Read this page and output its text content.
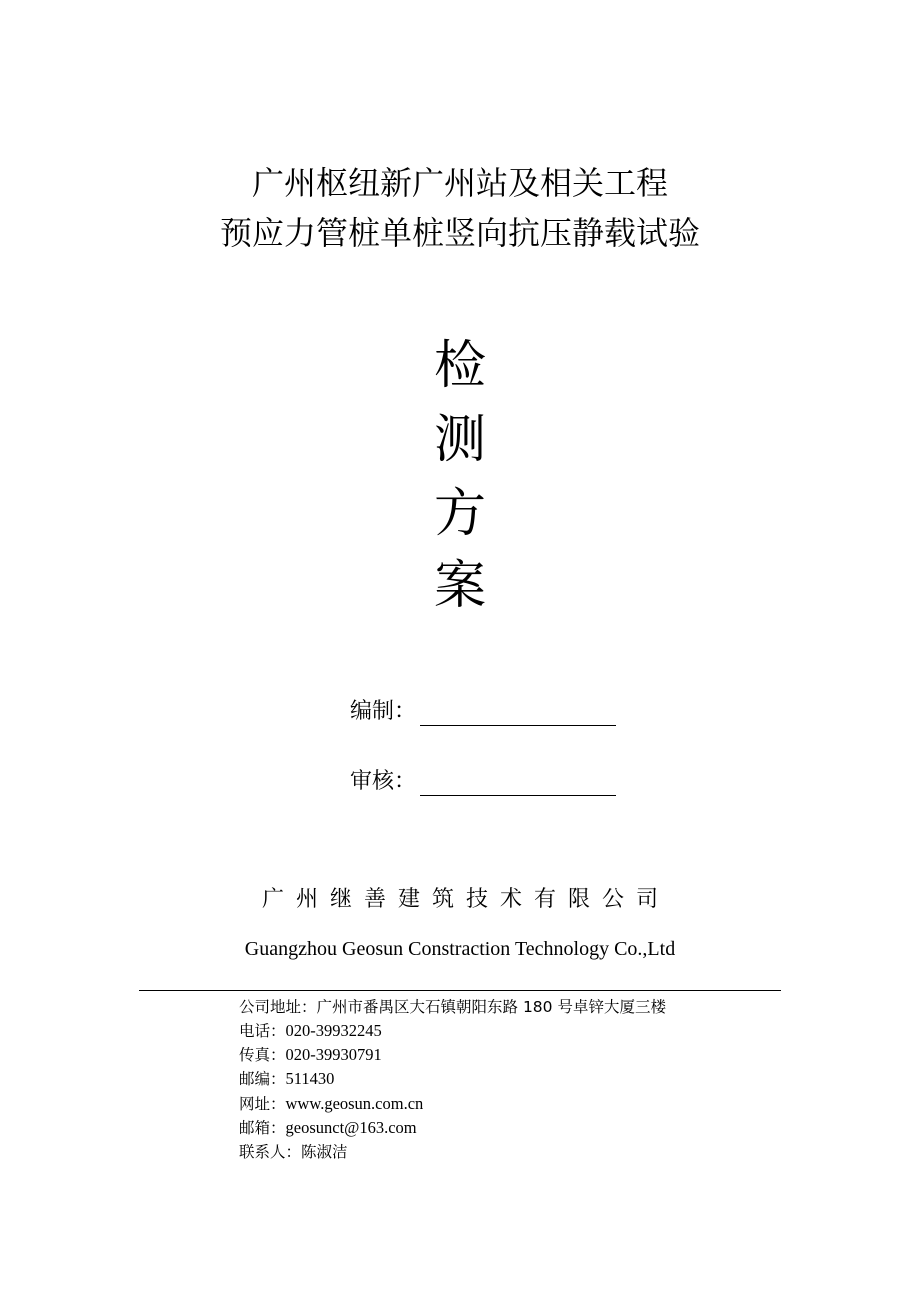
广州枢纽新广州站及相关工程
预应力管桩单桩竖向抗压静载试验
检
测
方
案
编制：
审核：
广州继善建筑技术有限公司
Guangzhou Geosun Constraction Technology Co.,Ltd
公司地址：广州市番禺区大石镇朝阳东路 180 号卓锌大厦三楼
电话：020-39932245
传真：020-39930791
邮编：511430
网址：www.geosun.com.cn
邮箱：geosunct@163.com
联系人：陈淑洁
